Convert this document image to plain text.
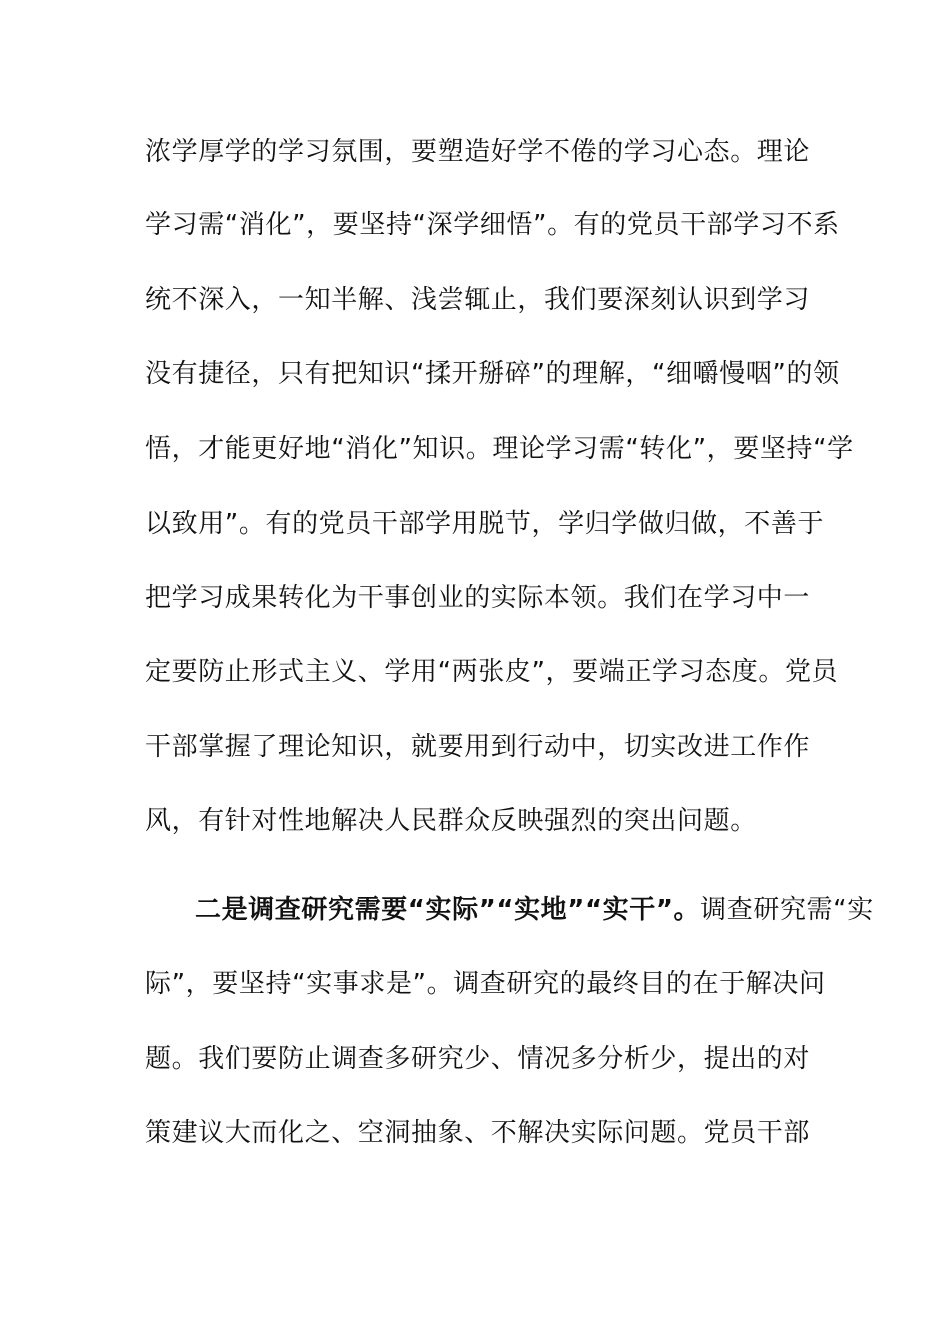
浓学厚学的学习氛围，要塑造好学不倦的学习心态。理论
学习需“消化”，要坚持“深学细悟”。有的党员干部学习不系
统不深入，一知半解、浅尝辄止，我们要深刻认识到学习
没有捷径，只有把知识“揉开掰碎”的理解，“细嚼慢咽”的领
悟，才能更好地“消化”知识。理论学习需“转化”，要坚持“学
以致用”。有的党员干部学用脱节，学归学做归做，不善于
把学习成果转化为干事创业的实际本领。我们在学习中一
定要防止形式主义、学用“两张皮”，要端正学习态度。党员
干部掌握了理论知识，就要用到行动中，切实改进工作作
风，有针对性地解决人民群众反映强烈的突出问题。
二是调查研究需要“实际”“实地”“实干”。调查研究需“实
际”，要坚持“实事求是”。调查研究的最终目的在于解决问
题。我们要防止调查多研究少、情况多分析少，提出的对
策建议大而化之、空洞抽象、不解决实际问题。党员干部
